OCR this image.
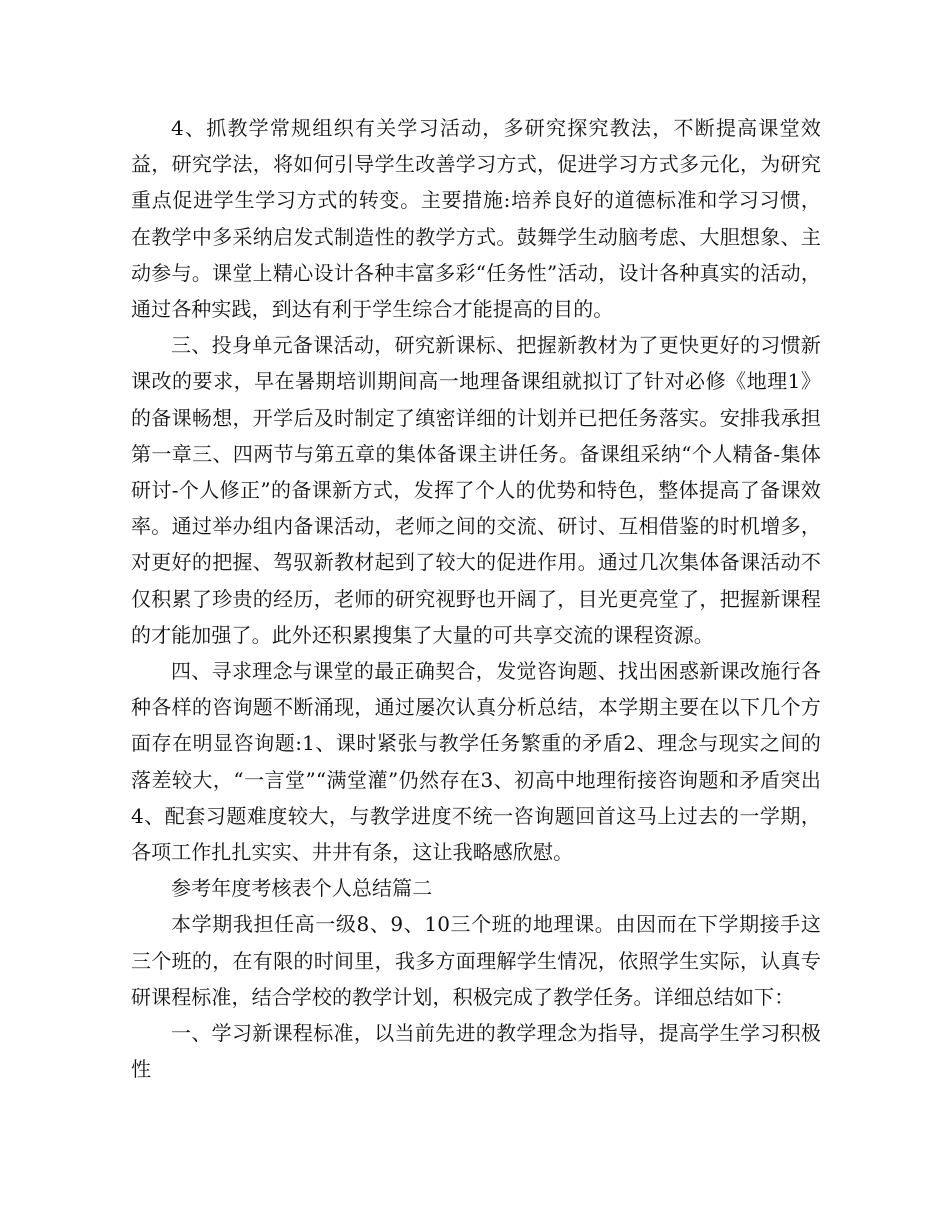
4、抓教学常规组织有关学习活动，多研究探究教法，不断提高课堂效益，研究学法，将如何引导学生改善学习方式，促进学习方式多元化，为研究重点促进学生学习方式的转变。主要措施:培养良好的道德标准和学习习惯，在教学中多采纳启发式制造性的教学方式。鼓舞学生动脑考虑、大胆想象、主动参与。课堂上精心设计各种丰富多彩“任务性”活动，设计各种真实的活动，通过各种实践，到达有利于学生综合才能提高的目的。

三、投身单元备课活动，研究新课标、把握新教材为了更快更好的习惯新课改的要求，早在暑期培训期间高一地理备课组就拟订了针对必修《地理1》的备课畅想，开学后及时制定了缜密详细的计划并已把任务落实。安排我承担第一章三、四两节与第五章的集体备课主讲任务。备课组采纳“个人精备-集体研讨-个人修正”的备课新方式，发挥了个人的优势和特色，整体提高了备课效率。通过举办组内备课活动，老师之间的交流、研讨、互相借鉴的时机增多，对更好的把握、驾驭新教材起到了较大的促进作用。通过几次集体备课活动不仅积累了珍贵的经历，老师的研究视野也开阔了，目光更亮堂了，把握新课程的才能加强了。此外还积累搜集了大量的可共享交流的课程资源。

四、寻求理念与课堂的最正确契合，发觉咨询题、找出困惑新课改施行各种各样的咨询题不断涌现，通过屡次认真分析总结，本学期主要在以下几个方面存在明显咨询题:1、课时紧张与教学任务繁重的矛盾2、理念与现实之间的落差较大，“一言堂”“满堂灌”仍然存在3、初高中地理衔接咨询题和矛盾突出4、配套习题难度较大，与教学进度不统一咨询题回首这马上过去的一学期，各项工作扎扎实实、井井有条，这让我略感欣慰。

参考年度考核表个人总结篇二

本学期我担任高一级8、9、10三个班的地理课。由因而在下学期接手这三个班的，在有限的时间里，我多方面理解学生情况，依照学生实际，认真专研课程标准，结合学校的教学计划，积极完成了教学任务。详细总结如下：

一、学习新课程标准，以当前先进的教学理念为指导，提高学生学习积极性
